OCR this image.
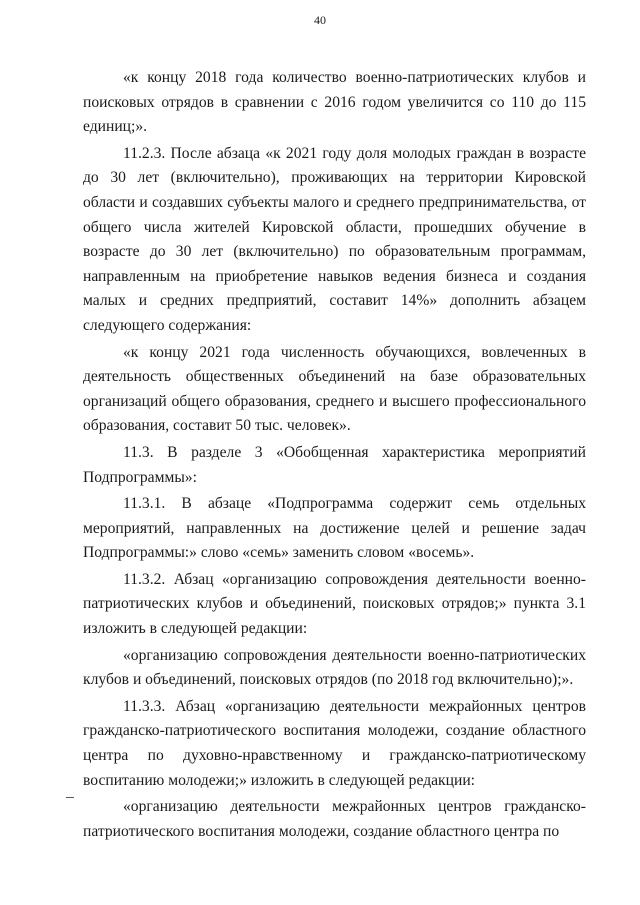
40

«к концу 2018 года количество военно-патриотических клубов и поисковых отрядов в сравнении с 2016 годом увеличится со 110 до 115 единиц;».

11.2.3. После абзаца «к 2021 году доля молодых граждан в возрасте до 30 лет (включительно), проживающих на территории Кировской области и создавших субъекты малого и среднего предпринимательства, от общего числа жителей Кировской области, прошедших обучение в возрасте до 30 лет (включительно) по образовательным программам, направленным на приобретение навыков ведения бизнеса и создания малых и средних предприятий, составит 14%» дополнить абзацем следующего содержания:

«к концу 2021 года численность обучающихся, вовлеченных в деятельность общественных объединений на базе образовательных организаций общего образования, среднего и высшего профессионального образования, составит 50 тыс. человек».

11.3. В разделе 3 «Обобщенная характеристика мероприятий Подпрограммы»:

11.3.1. В абзаце «Подпрограмма содержит семь отдельных мероприятий, направленных на достижение целей и решение задач Подпрограммы:» слово «семь» заменить словом «восемь».

11.3.2. Абзац «организацию сопровождения деятельности военно-патриотических клубов и объединений, поисковых отрядов;» пункта 3.1 изложить в следующей редакции:

«организацию сопровождения деятельности военно-патриотических клубов и объединений, поисковых отрядов (по 2018 год включительно);».

11.3.3. Абзац «организацию деятельности межрайонных центров гражданско-патриотического воспитания молодежи, создание областного центра по духовно-нравственному и гражданско-патриотическому воспитанию молодежи;» изложить в следующей редакции:

«организацию деятельности межрайонных центров гражданско-патриотического воспитания молодежи, создание областного центра по
